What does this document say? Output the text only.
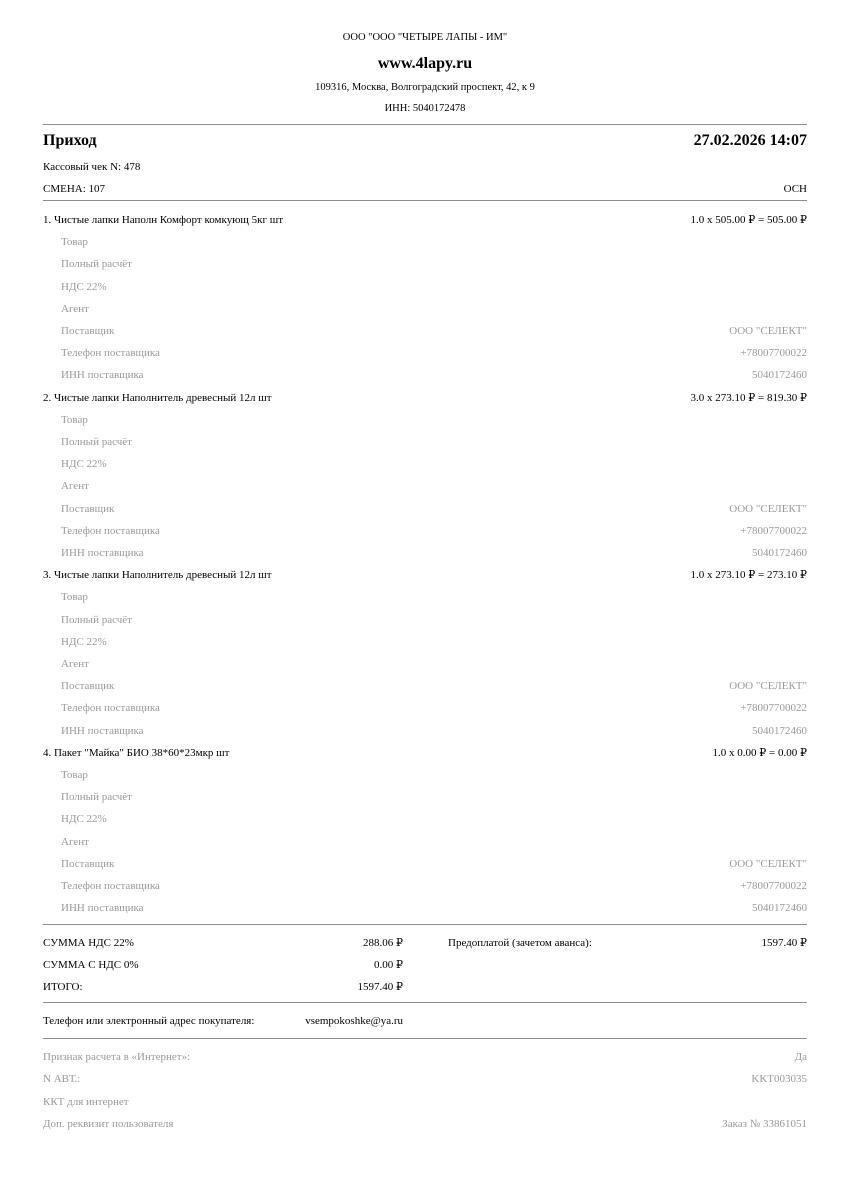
ООО "ООО "ЧЕТЫРЕ ЛАПЫ - ИМ"
www.4lapy.ru
109316, Москва, Волгоградский проспект, 42, к 9
ИНН: 5040172478
Приход	27.02.2026 14:07
Кассовый чек N: 478
СМЕНА: 107	ОСН
1. Чистые лапки Наполн Комфорт комкующ 5кг шт	1.0 x 505.00 ₽ = 505.00 ₽
Товар
Полный расчёт
НДС 22%
Агент
Поставщик	ООО "СЕЛЕКТ"
Телефон поставщика	+78007700022
ИНН поставщика	5040172460
2. Чистые лапки Наполнитель древесный 12л шт	3.0 x 273.10 ₽ = 819.30 ₽
Товар
Полный расчёт
НДС 22%
Агент
Поставщик	ООО "СЕЛЕКТ"
Телефон поставщика	+78007700022
ИНН поставщика	5040172460
3. Чистые лапки Наполнитель древесный 12л шт	1.0 x 273.10 ₽ = 273.10 ₽
Товар
Полный расчёт
НДС 22%
Агент
Поставщик	ООО "СЕЛЕКТ"
Телефон поставщика	+78007700022
ИНН поставщика	5040172460
4. Пакет "Майка" БИО 38*60*23мкр шт	1.0 x 0.00 ₽ = 0.00 ₽
Товар
Полный расчёт
НДС 22%
Агент
Поставщик	ООО "СЕЛЕКТ"
Телефон поставщика	+78007700022
ИНН поставщика	5040172460
СУММА НДС 22%	288.06 ₽
СУММА С НДС 0%	0.00 ₽
ИТОГО:	1597.40 ₽
Предоплатой (зачетом аванса):	1597.40 ₽
Телефон или электронный адрес покупателя:	vsempokoshke@ya.ru
Признак расчета в «Интернет»:	Да
N АВТ.:	KKT003035
ККТ для интернет
Доп. реквизит пользователя	Заказ № 33861051
